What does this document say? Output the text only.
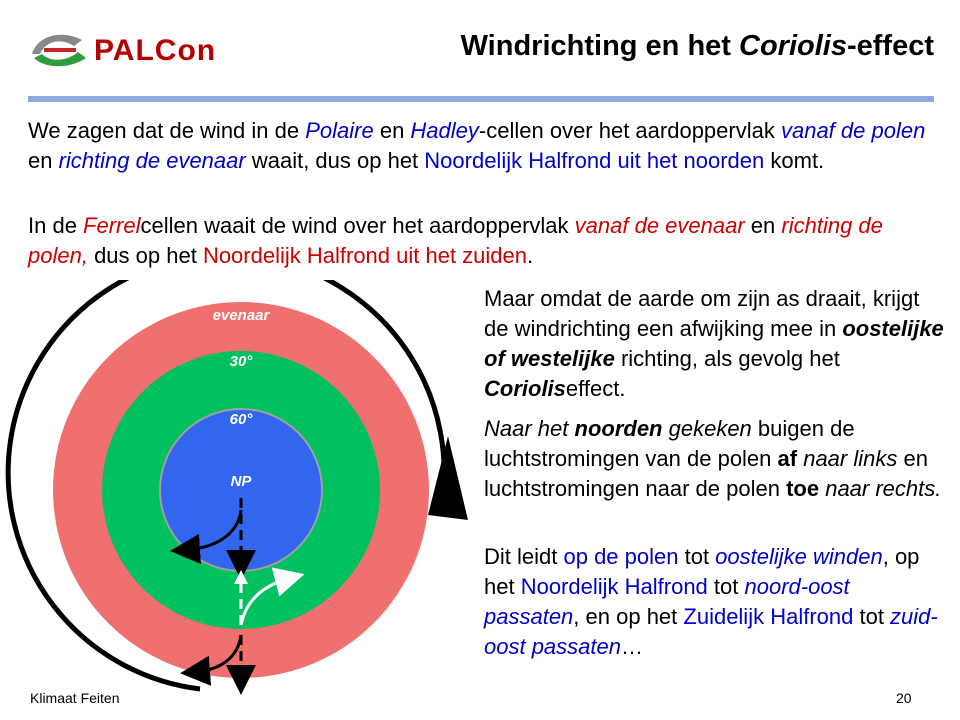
PALCon	Windrichting en het Coriolis-effect
We zagen dat de wind in de Polaire en Hadley-cellen over het aardoppervlak vanaf de polen en richting de evenaar waait, dus op het Noordelijk Halfrond uit het noorden komt.
In de Ferrelcellen waait de wind over het aardoppervlak vanaf de evenaar en richting de polen, dus op het Noordelijk Halfrond uit het zuiden.
Maar omdat de aarde om zijn as draait, krijgt de windrichting een afwijking mee in oostelijke of westelijke richting, als gevolg het Corioliseffect.
Naar het noorden gekeken buigen de luchtstromingen van de polen af naar links en luchtstromingen naar de polen toe naar rechts.
Dit leidt op de polen tot oostelijke winden, op het Noordelijk Halfrond tot noord-oost passaten, en op het Zuidelijk Halfrond tot zuid-oost passaten…
evenaar
30°
60°
NP
Klimaat Feiten	20
